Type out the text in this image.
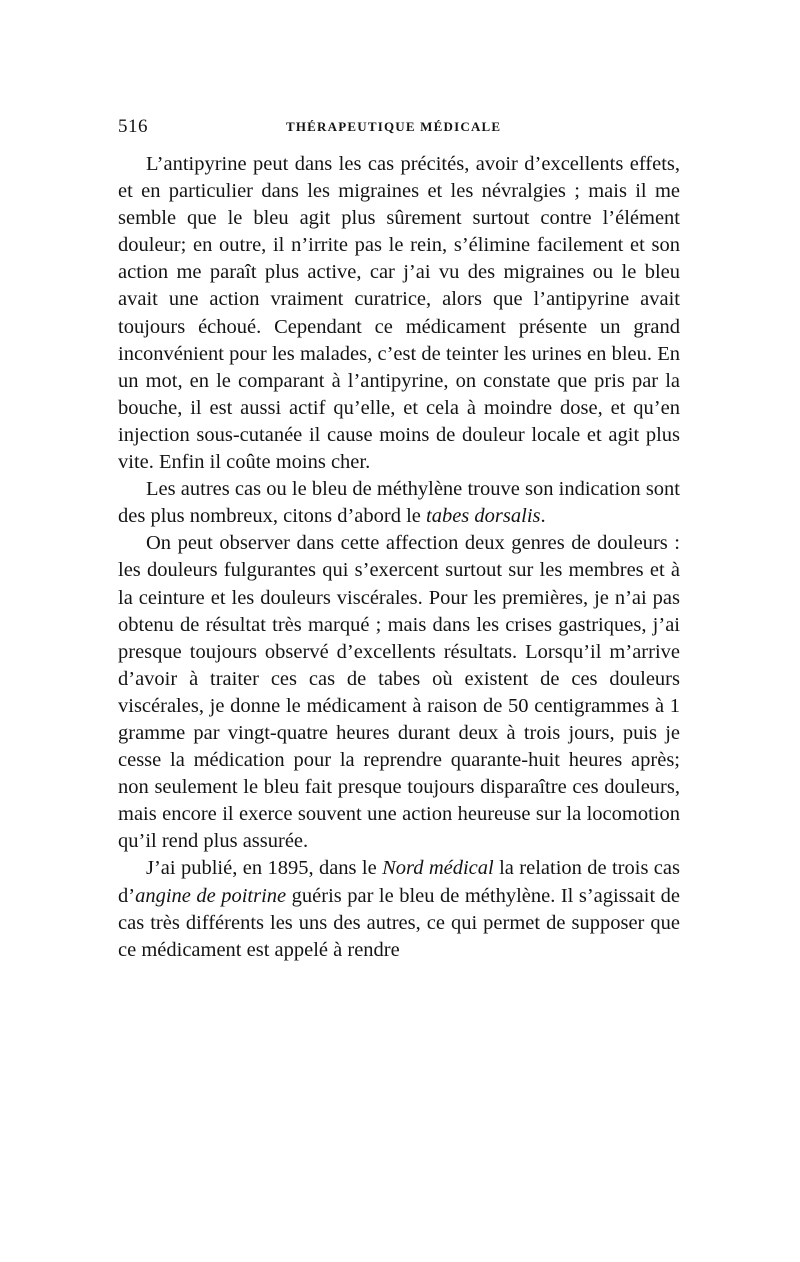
516	THÉRAPEUTIQUE MÉDICALE

L’antipyrine peut dans les cas précités, avoir d’excellents effets, et en particulier dans les migraines et les névralgies ; mais il me semble que le bleu agit plus sûrement surtout contre l’élément douleur; en outre, il n’irrite pas le rein, s’élimine facilement et son action me paraît plus active, car j’ai vu des migraines ou le bleu avait une action vraiment curatrice, alors que l’antipyrine avait toujours échoué. Cependant ce médicament présente un grand inconvénient pour les malades, c’est de teinter les urines en bleu. En un mot, en le comparant à l’antipyrine, on constate que pris par la bouche, il est aussi actif qu’elle, et cela à moindre dose, et qu’en injection sous-cutanée il cause moins de douleur locale et agit plus vite. Enfin il coûte moins cher.

Les autres cas ou le bleu de méthylène trouve son indication sont des plus nombreux, citons d’abord le tabes dorsalis.

On peut observer dans cette affection deux genres de douleurs : les douleurs fulgurantes qui s’exercent surtout sur les membres et à la ceinture et les douleurs viscérales. Pour les premières, je n’ai pas obtenu de résultat très marqué ; mais dans les crises gastriques, j’ai presque toujours observé d’excellents résultats. Lorsqu’il m’arrive d’avoir à traiter ces cas de tabes où existent de ces douleurs viscérales, je donne le médicament à raison de 50 centigrammes à 1 gramme par vingt-quatre heures durant deux à trois jours, puis je cesse la médication pour la reprendre quarante-huit heures après; non seulement le bleu fait presque toujours disparaître ces douleurs, mais encore il exerce souvent une action heureuse sur la locomotion qu’il rend plus assurée.

J’ai publié, en 1895, dans le Nord médical la relation de trois cas d’angine de poitrine guéris par le bleu de méthylène. Il s’agissait de cas très différents les uns des autres, ce qui permet de supposer que ce médicament est appelé à rendre
